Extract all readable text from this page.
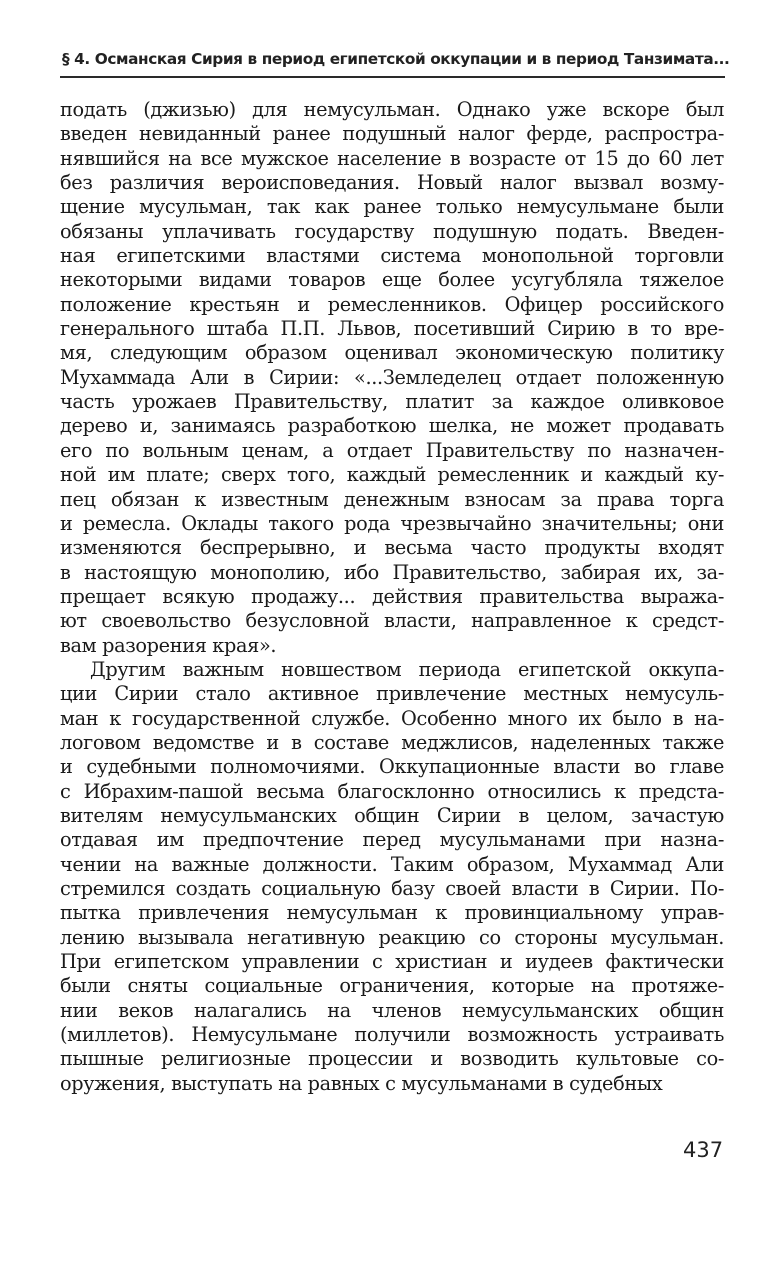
§ 4. Османская Сирия в период египетской оккупации и в период Танзимата...
подать (джизью) для немусульман. Однако уже вскоре был
введен невиданный ранее подушный налог ферде, распростра-
нявшийся на все мужское население в возрасте от 15 до 60 лет
без различия вероисповедания. Новый налог вызвал возму-
щение мусульман, так как ранее только немусульмане были
обязаны уплачивать государству подушную подать. Введен-
ная египетскими властями система монопольной торговли
некоторыми видами товаров еще более усугубляла тяжелое
положение крестьян и ремесленников. Офицер российского
генерального штаба П.П. Львов, посетивший Сирию в то вре-
мя, следующим образом оценивал экономическую политику
Мухаммада Али в Сирии: «...Земледелец отдает положенную
часть урожаев Правительству, платит за каждое оливковое
дерево и, занимаясь разработкою шелка, не может продавать
его по вольным ценам, а отдает Правительству по назначен-
ной им плате; сверх того, каждый ремесленник и каждый ку-
пец обязан к известным денежным взносам за права торга
и ремесла. Оклады такого рода чрезвычайно значительны; они
изменяются беспрерывно, и весьма часто продукты входят
в настоящую монополию, ибо Правительство, забирая их, за-
прещает всякую продажу... действия правительства выража-
ют своевольство безусловной власти, направленное к средст-
вам разорения края».
Другим важным новшеством периода египетской оккупа-
ции Сирии стало активное привлечение местных немусуль-
ман к государственной службе. Особенно много их было в на-
логовом ведомстве и в составе меджлисов, наделенных также
и судебными полномочиями. Оккупационные власти во главе
с Ибрахим-пашой весьма благосклонно относились к предста-
вителям немусульманских общин Сирии в целом, зачастую
отдавая им предпочтение перед мусульманами при назна-
чении на важные должности. Таким образом, Мухаммад Али
стремился создать социальную базу своей власти в Сирии. По-
пытка привлечения немусульман к провинциальному управ-
лению вызывала негативную реакцию со стороны мусульман.
При египетском управлении с христиан и иудеев фактически
были сняты социальные ограничения, которые на протяже-
нии веков налагались на членов немусульманских общин
(миллетов). Немусульмане получили возможность устраивать
пышные религиозные процессии и возводить культовые со-
оружения, выступать на равных с мусульманами в судебных
437
